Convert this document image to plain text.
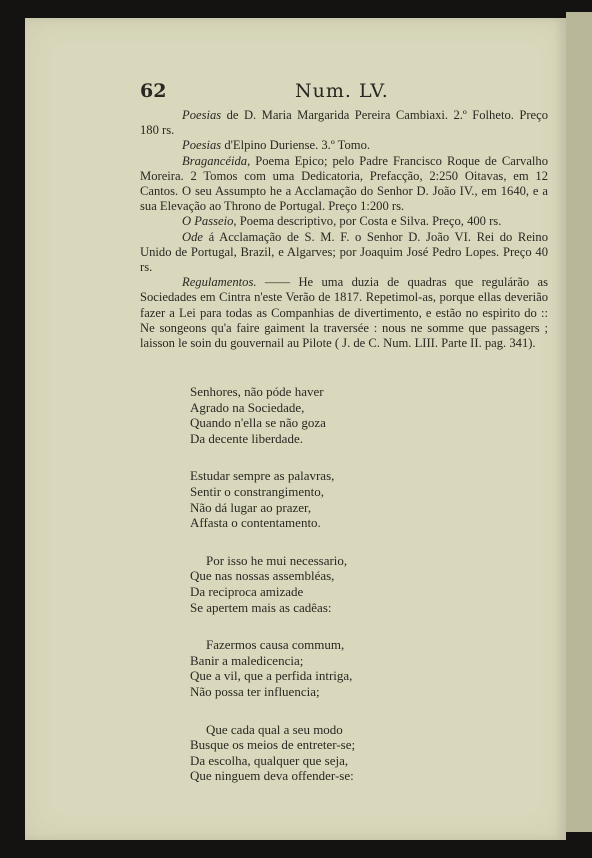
62	Num. LV.

Poesias de D. Maria Margarida Pereira Cambiaxi. 2.º Folheto. Preço 180 rs.

Poesias d'Elpino Duriense. 3.º Tomo.

Bragancéida, Poema Epico; pelo Padre Francisco Roque de Carvalho Moreira. 2 Tomos com uma Dedicatoria, Prefacção, 2:250 Oitavas, em 12 Cantos. O seu Assumpto he a Acclamação do Senhor D. João IV., em 1640, e a sua Elevação ao Throno de Portugal. Preço 1:200 rs.

O Passeio, Poema descriptivo, por Costa e Silva. Preço, 400 rs.

Ode á Acclamação de S. M. F. o Senhor D. João VI. Rei do Reino Unido de Portugal, Brazil, e Algarves; por Joaquim José Pedro Lopes. Preço 40 rs.

Regulamentos. —— He uma duzia de quadras que regulárão as Sociedades em Cintra n'este Verão de 1817. Repetimol-as, porque ellas deverião fazer a Lei para todas as Companhias de divertimento, e estão no espirito do :: Ne songeons qu'a faire gaiment la traversée : nous ne somme que passagers ; laisson le soin du gouvernail au Pilote ( J. de C. Num. LIII. Parte II. pag. 341).

Senhores, não póde haver
Agrado na Sociedade,
Quando n'ella se não goza
Da decente liberdade.
Estudar sempre as palavras,
Sentir o constrangimento,
Não dá lugar ao prazer,
Affasta o contentamento.
Por isso he mui necessario,
Que nas nossas assembléas,
Da reciproca amizade
Se apertem mais as cadêas:
Fazermos causa commum,
Banir a maledicencia;
Que a vil, que a perfida intriga,
Não possa ter influencia;
Que cada qual a seu modo
Busque os meios de entreter-se;
Da escolha, qualquer que seja,
Que ninguem deva offender-se:
